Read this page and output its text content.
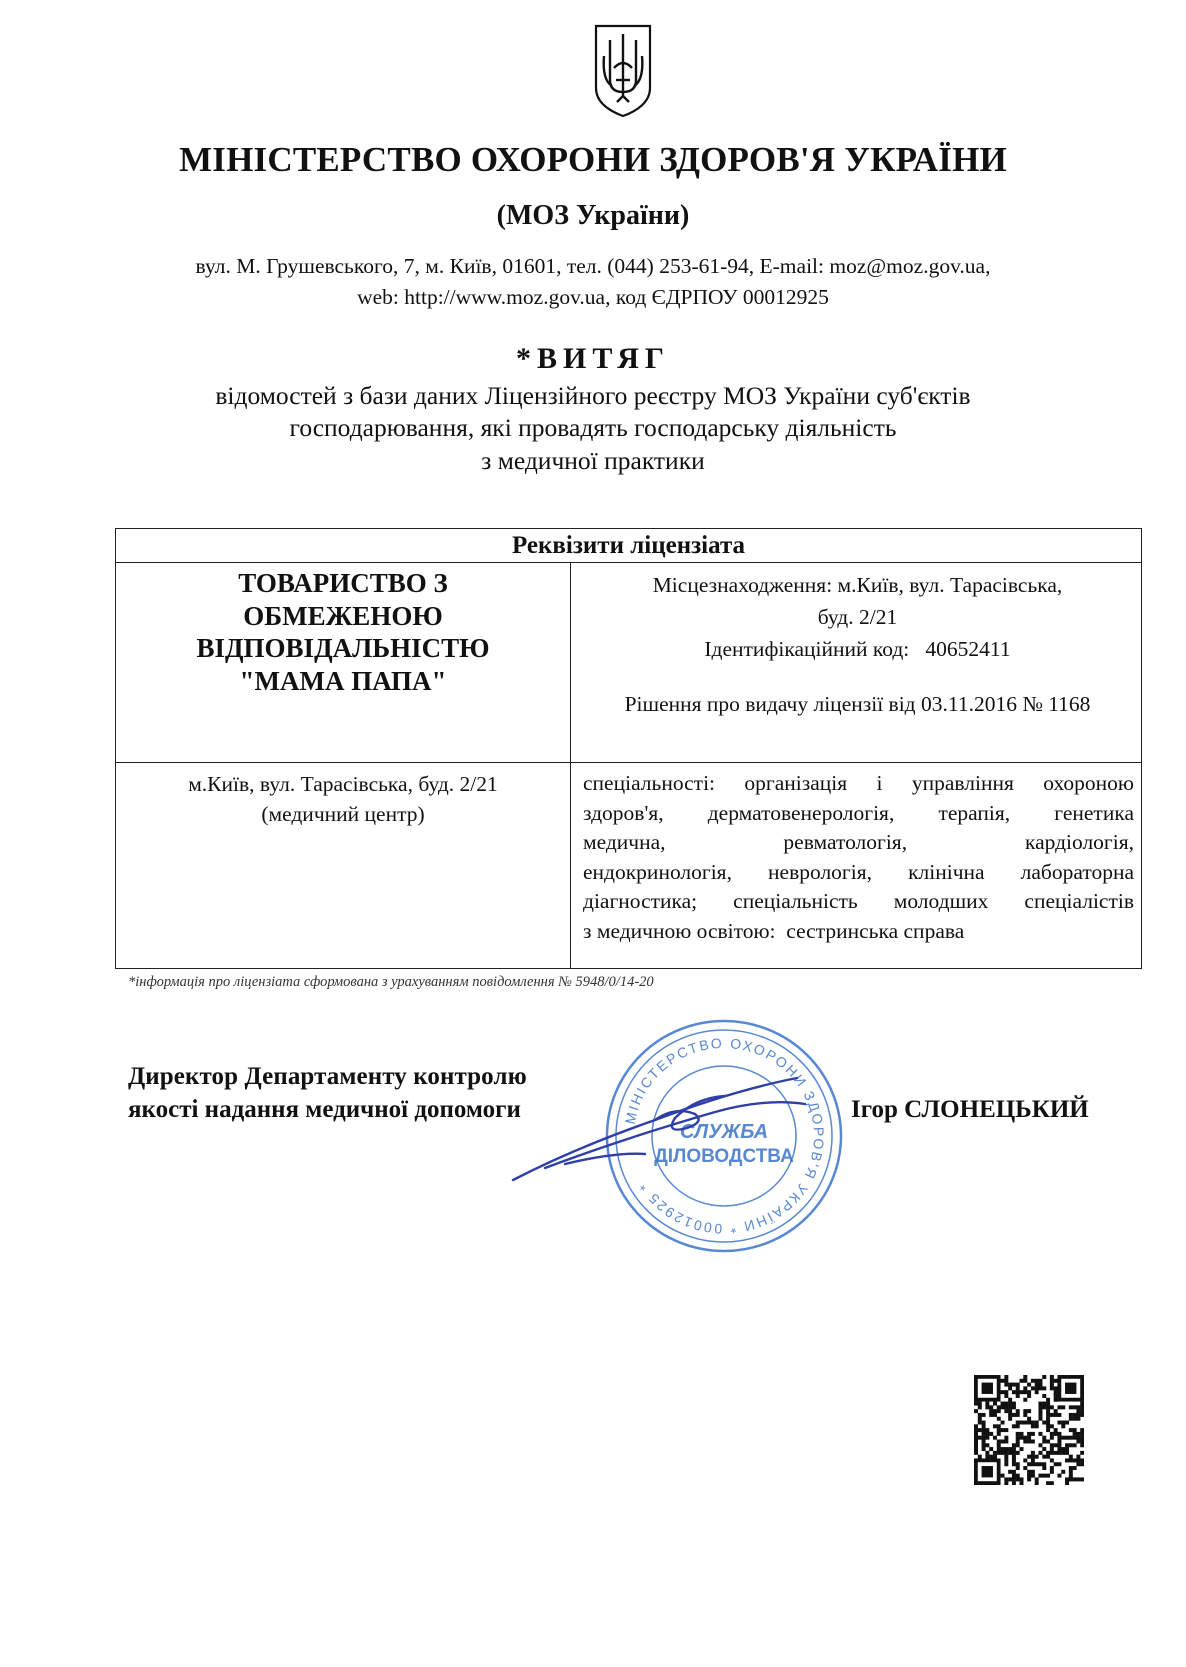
МІНІСТЕРСТВО ОХОРОНИ ЗДОРОВ'Я УКРАЇНИ
(МОЗ України)
вул. М. Грушевського, 7, м. Київ, 01601, тел. (044) 253-61-94, E-mail: moz@moz.gov.ua,
web: http://www.moz.gov.ua, код ЄДРПОУ 00012925
*ВИТЯГ
відомостей з бази даних Ліцензійного реєстру МОЗ України суб'єктів
господарювання, які провадять господарську діяльність
з медичної практики
Реквізити ліцензіата
ТОВАРИСТВО З
ОБМЕЖЕНОЮ
ВІДПОВІДАЛЬНІСТЮ
"МАМА ПАПА"
Місцезнаходження: м.Київ, вул. Тарасівська,
буд. 2/21
Ідентифікаційний код:   40652411
Рішення про видачу ліцензії від 03.11.2016 № 1168
м.Київ, вул. Тарасівська, буд. 2/21
(медичний центр)
спеціальності: організація і управління охороною
здоров'я, дерматовенерологія, терапія, генетика
медична, ревматологія, кардіологія,
ендокринологія, неврологія, клінічна лабораторна
діагностика; спеціальність молодших спеціалістів
з медичною освітою:  сестринська справа
*інформація про ліцензіата сформована з урахуванням повідомлення № 5948/0/14-20
Директор Департаменту контролю
якості надання медичної допомоги	Ігор СЛОНЕЦЬКИЙ
МІНІСТЕРСТВО ОХОРОНИ ЗДОРОВ'Я УКРАЇНИ * 00012925 *
СЛУЖБА
ДІЛОВОДСТВА
